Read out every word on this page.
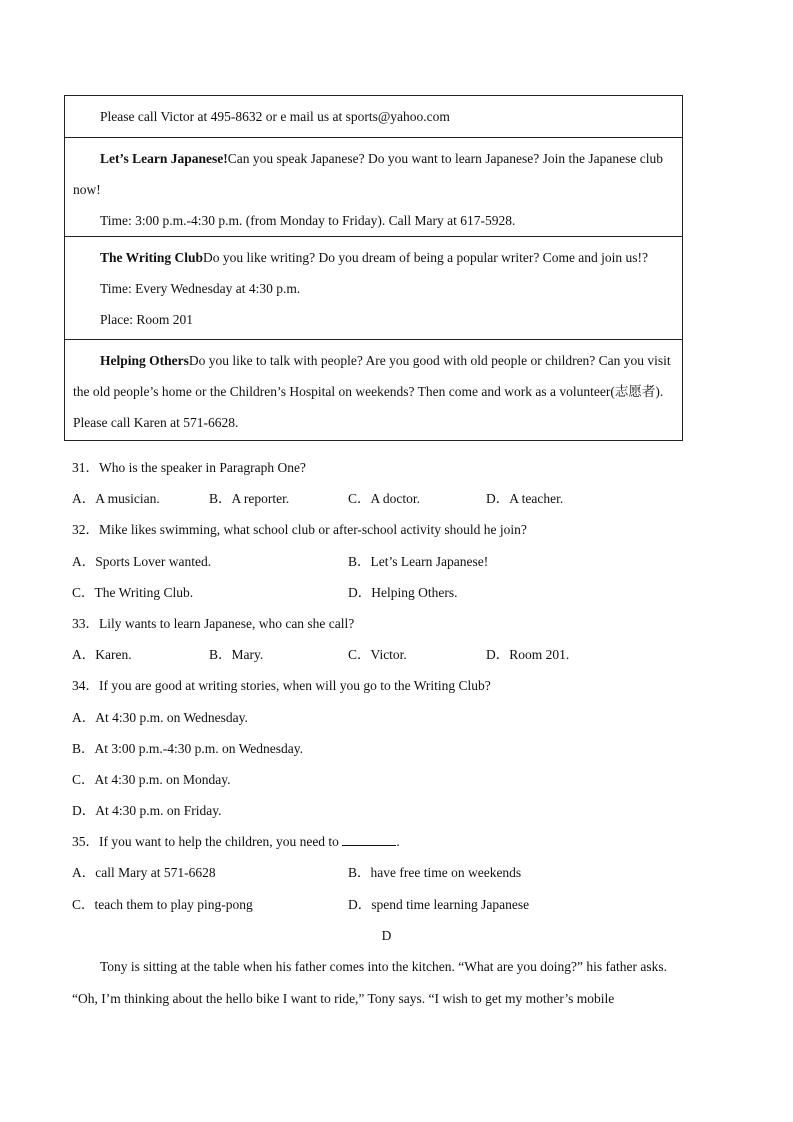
Please call Victor at 495-8632 or e mail us at sports@yahoo.com

Let’s Learn Japanese!Can you speak Japanese? Do you want to learn Japanese? Join the Japanese club now!

Time: 3:00 p.m.-4:30 p.m. (from Monday to Friday). Call Mary at 617-5928.

The Writing ClubDo you like writing? Do you dream of being a popular writer? Come and join us!?

Time: Every Wednesday at 4:30 p.m.

Place: Room 201

Helping OthersDo you like to talk with people? Are you good with old people or children? Can you visit the old people’s home or the Children’s Hospital on weekends? Then come and work as a volunteer(志愿者). Please call Karen at 571-6628.

31．Who is the speaker in Paragraph One?
A．A musician.	B．A reporter.	C．A doctor.	D．A teacher.
32．Mike likes swimming, what school club or after-school activity should he join?
A．Sports Lover wanted.	B．Let’s Learn Japanese!
C．The Writing Club.	D．Helping Others.
33．Lily wants to learn Japanese, who can she call?
A．Karen.	B．Mary.	C．Victor.	D．Room 201.
34．If you are good at writing stories, when will you go to the Writing Club?
A．At 4:30 p.m. on Wednesday.
B．At 3:00 p.m.-4:30 p.m. on Wednesday.
C．At 4:30 p.m. on Monday.
D．At 4:30 p.m. on Friday.
35．If you want to help the children, you need to	.
A．call Mary at 571-6628	B．have free time on weekends
C．teach them to play ping-pong	D．spend time learning Japanese
D

Tony is sitting at the table when his father comes into the kitchen. “What are you doing?” his father asks. “Oh, I’m thinking about the hello bike I want to ride,” Tony says. “I wish to get my mother’s mobile
